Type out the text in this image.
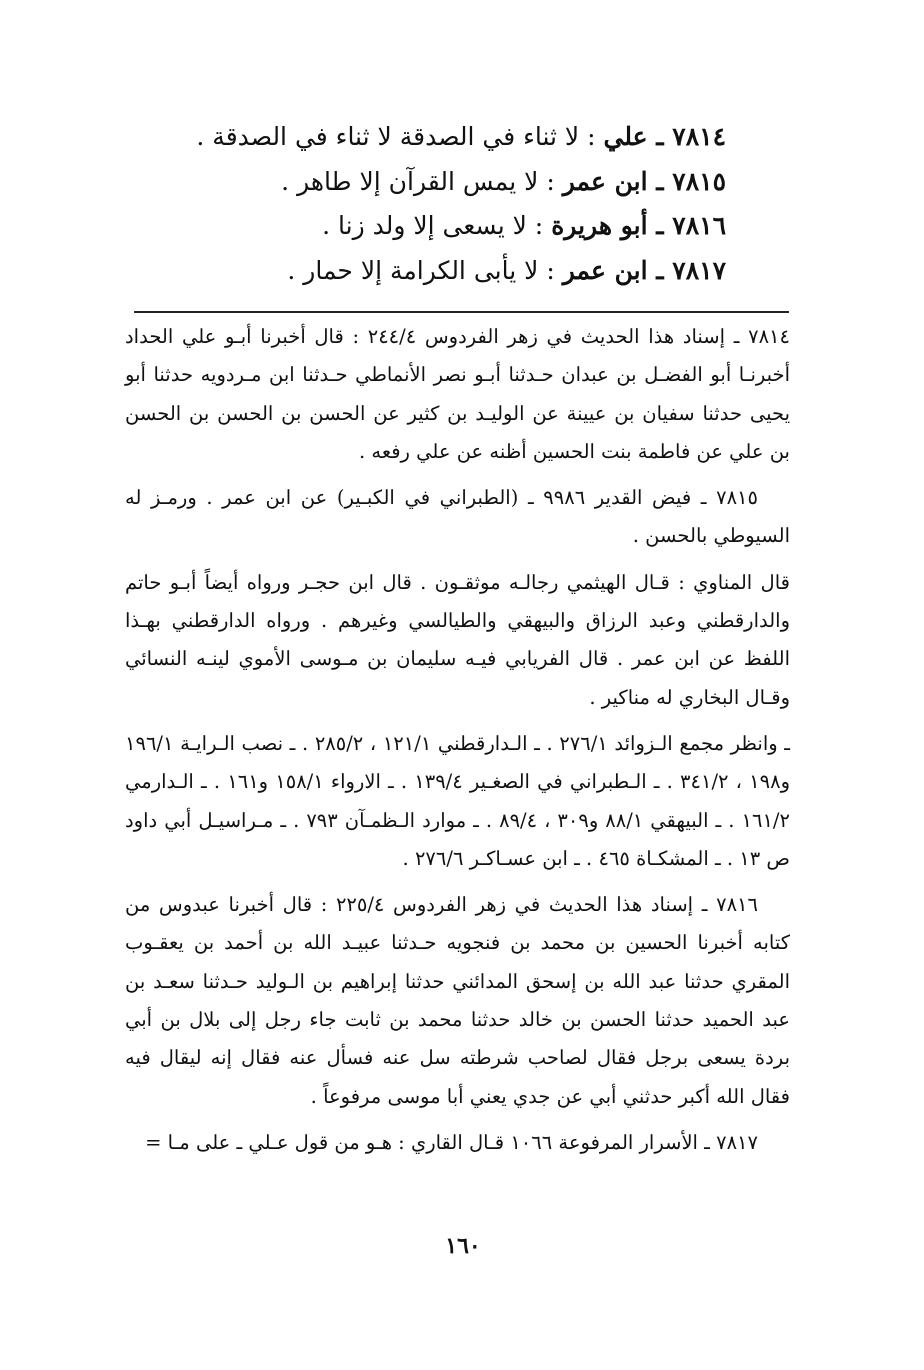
٧٨١٤ ـ علي : لا ثناء في الصدقة لا ثناء في الصدقة .
٧٨١٥ ـ ابن عمر : لا يمس القرآن إلا طاهر .
٧٨١٦ ـ أبو هريرة : لا يسعى إلا ولد زنا .
٧٨١٧ ـ ابن عمر : لا يأبى الكرامة إلا حمار .

٧٨١٤ ـ إسناد هذا الحديث في زهر الفردوس ٢٤٤/٤ : قال أخبرنا أبـو علي الحداد أخبرنـا أبو الفضـل بن عبدان حـدثنا أبـو نصر الأنماطي حـدثنا ابن مـردويه حدثنا أبو يحيى حدثنا سفيان بن عيينة عن الوليـد بن كثير عن الحسن بن الحسن بن الحسن بن علي عن فاطمة بنت الحسين أظنه عن علي رفعه .

٧٨١٥ ـ فيض القدير ٩٩٨٦ ـ (الطبراني في الكبـير) عن ابن عمر . ورمـز له السيوطي بالحسن .

قال المناوي : قـال الهيثمي رجالـه موثقـون . قال ابن حجـر ورواه أيضاً أبـو حاتم والدارقطني وعبد الرزاق والبيهقي والطيالسي وغيرهم . ورواه الدارقطني بهـذا اللفظ عن ابن عمر . قال الفريابي فيـه سليمان بن مـوسى الأموي لينـه النسائي وقـال البخاري له مناكير .

ـ وانظر مجمع الـزوائد ٢٧٦/١ . ـ الـدارقطني ١٢١/١ ، ٢٨٥/٢ . ـ نصب الـرايـة ١٩٦/١ و١٩٨ ، ٣٤١/٢ . ـ الـطبراني في الصغـير ١٣٩/٤ . ـ الارواء ١٥٨/١ و١٦١ . ـ الـدارمي ١٦١/٢ . ـ البيهقي ٨٨/١ و٣٠٩ ، ٨٩/٤ . ـ موارد الـظمـآن ٧٩٣ . ـ مـراسيـل أبي داود ص ١٣ . ـ المشكـاة ٤٦٥ . ـ ابن عسـاكـر ٢٧٦/٦ .

٧٨١٦ ـ إسناد هذا الحديث في زهر الفردوس ٢٢٥/٤ : قال أخبرنا عبدوس من كتابه أخبرنا الحسين بن محمد بن فنجويه حـدثنا عبيـد الله بن أحمد بن يعقـوب المقري حدثنا عبد الله بن إسحق المدائني حدثنا إبراهيم بن الـوليد حـدثنا سعـد بن عبد الحميد حدثنا الحسن بن خالد حدثنا محمد بن ثابت جاء رجل إلى بلال بن أبي بردة يسعى برجل فقال لصاحب شرطته سل عنه فسأل عنه فقال إنه ليقال فيه فقال الله أكبر حدثني أبي عن جدي يعني أبا موسى مرفوعاً .

٧٨١٧ ـ الأسرار المرفوعة ١٠٦٦ قـال القاري : هـو من قول عـلي ـ على مـا =

١٦٠
